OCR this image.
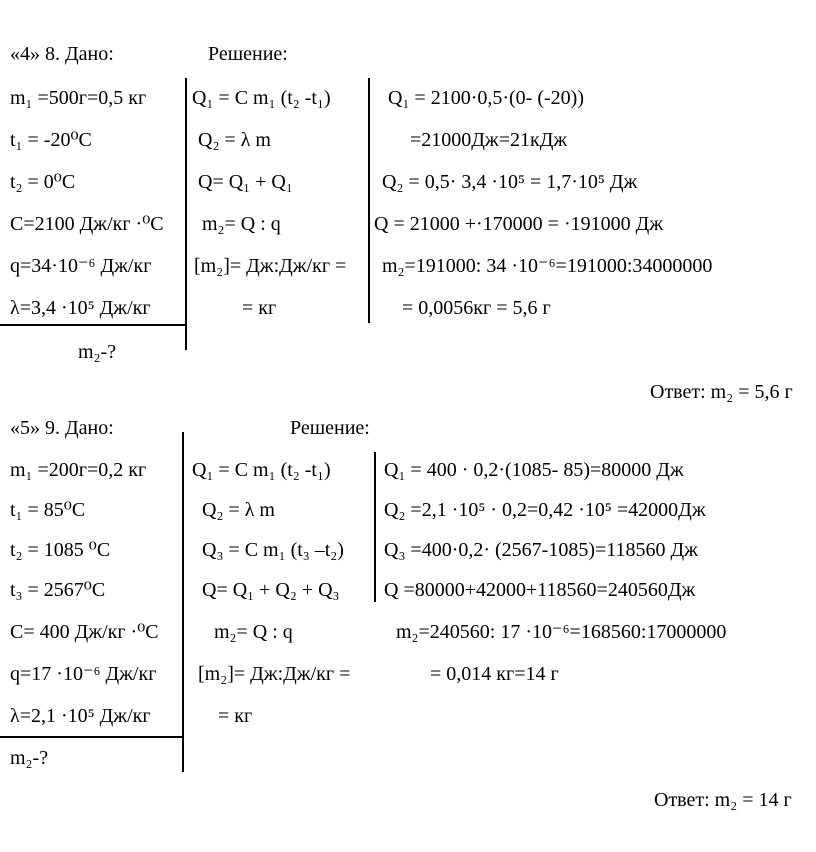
«4» 8. Дано:	Решение:
m₁ =500г=0,5 кг
t₁ = -20⁰С
t₂ = 0⁰С
С=2100 Дж/кг ·⁰С
q=34·10⁻⁶ Дж/кг
λ=3,4 ·10⁵ Дж/кг
m₂-?
Q₁ = С m₁ (t₂ -t₁)
Q₂ = λ m
Q= Q₁ + Q₁
m₂= Q : q
[m₂]= Дж:Дж/кг =
= кг
Q₁ = 2100·0,5·(0- (-20))
=21000Дж=21кДж
Q₂ = 0,5· 3,4 ·10⁵ = 1,7·10⁵ Дж
Q = 21000 +·170000 = ·191000 Дж
m₂=191000: 34 ·10⁻⁶=191000:34000000
= 0,0056кг = 5,6 г
Ответ: m₂ = 5,6 г
«5» 9. Дано:	Решение:
m₁ =200г=0,2 кг
t₁ = 85⁰С
t₂ = 1085 ⁰С
t₃ = 2567⁰С
С= 400 Дж/кг ·⁰С
q=17 ·10⁻⁶ Дж/кг
λ=2,1 ·10⁵ Дж/кг
m₂-?
Q₁ = С m₁ (t₂ -t₁)
Q₂ = λ m
Q₃ = С m₁ (t₃ –t₂)
Q= Q₁ + Q₂ + Q₃
m₂= Q : q
[m₂]= Дж:Дж/кг =
= кг
Q₁ = 400 · 0,2·(1085- 85)=80000 Дж
Q₂ =2,1 ·10⁵ · 0,2=0,42 ·10⁵ =42000Дж
Q₃ =400·0,2· (2567-1085)=118560 Дж
Q =80000+42000+118560=240560Дж
m₂=240560: 17 ·10⁻⁶=168560:17000000
= 0,014 кг=14 г
Ответ: m₂ = 14 г
